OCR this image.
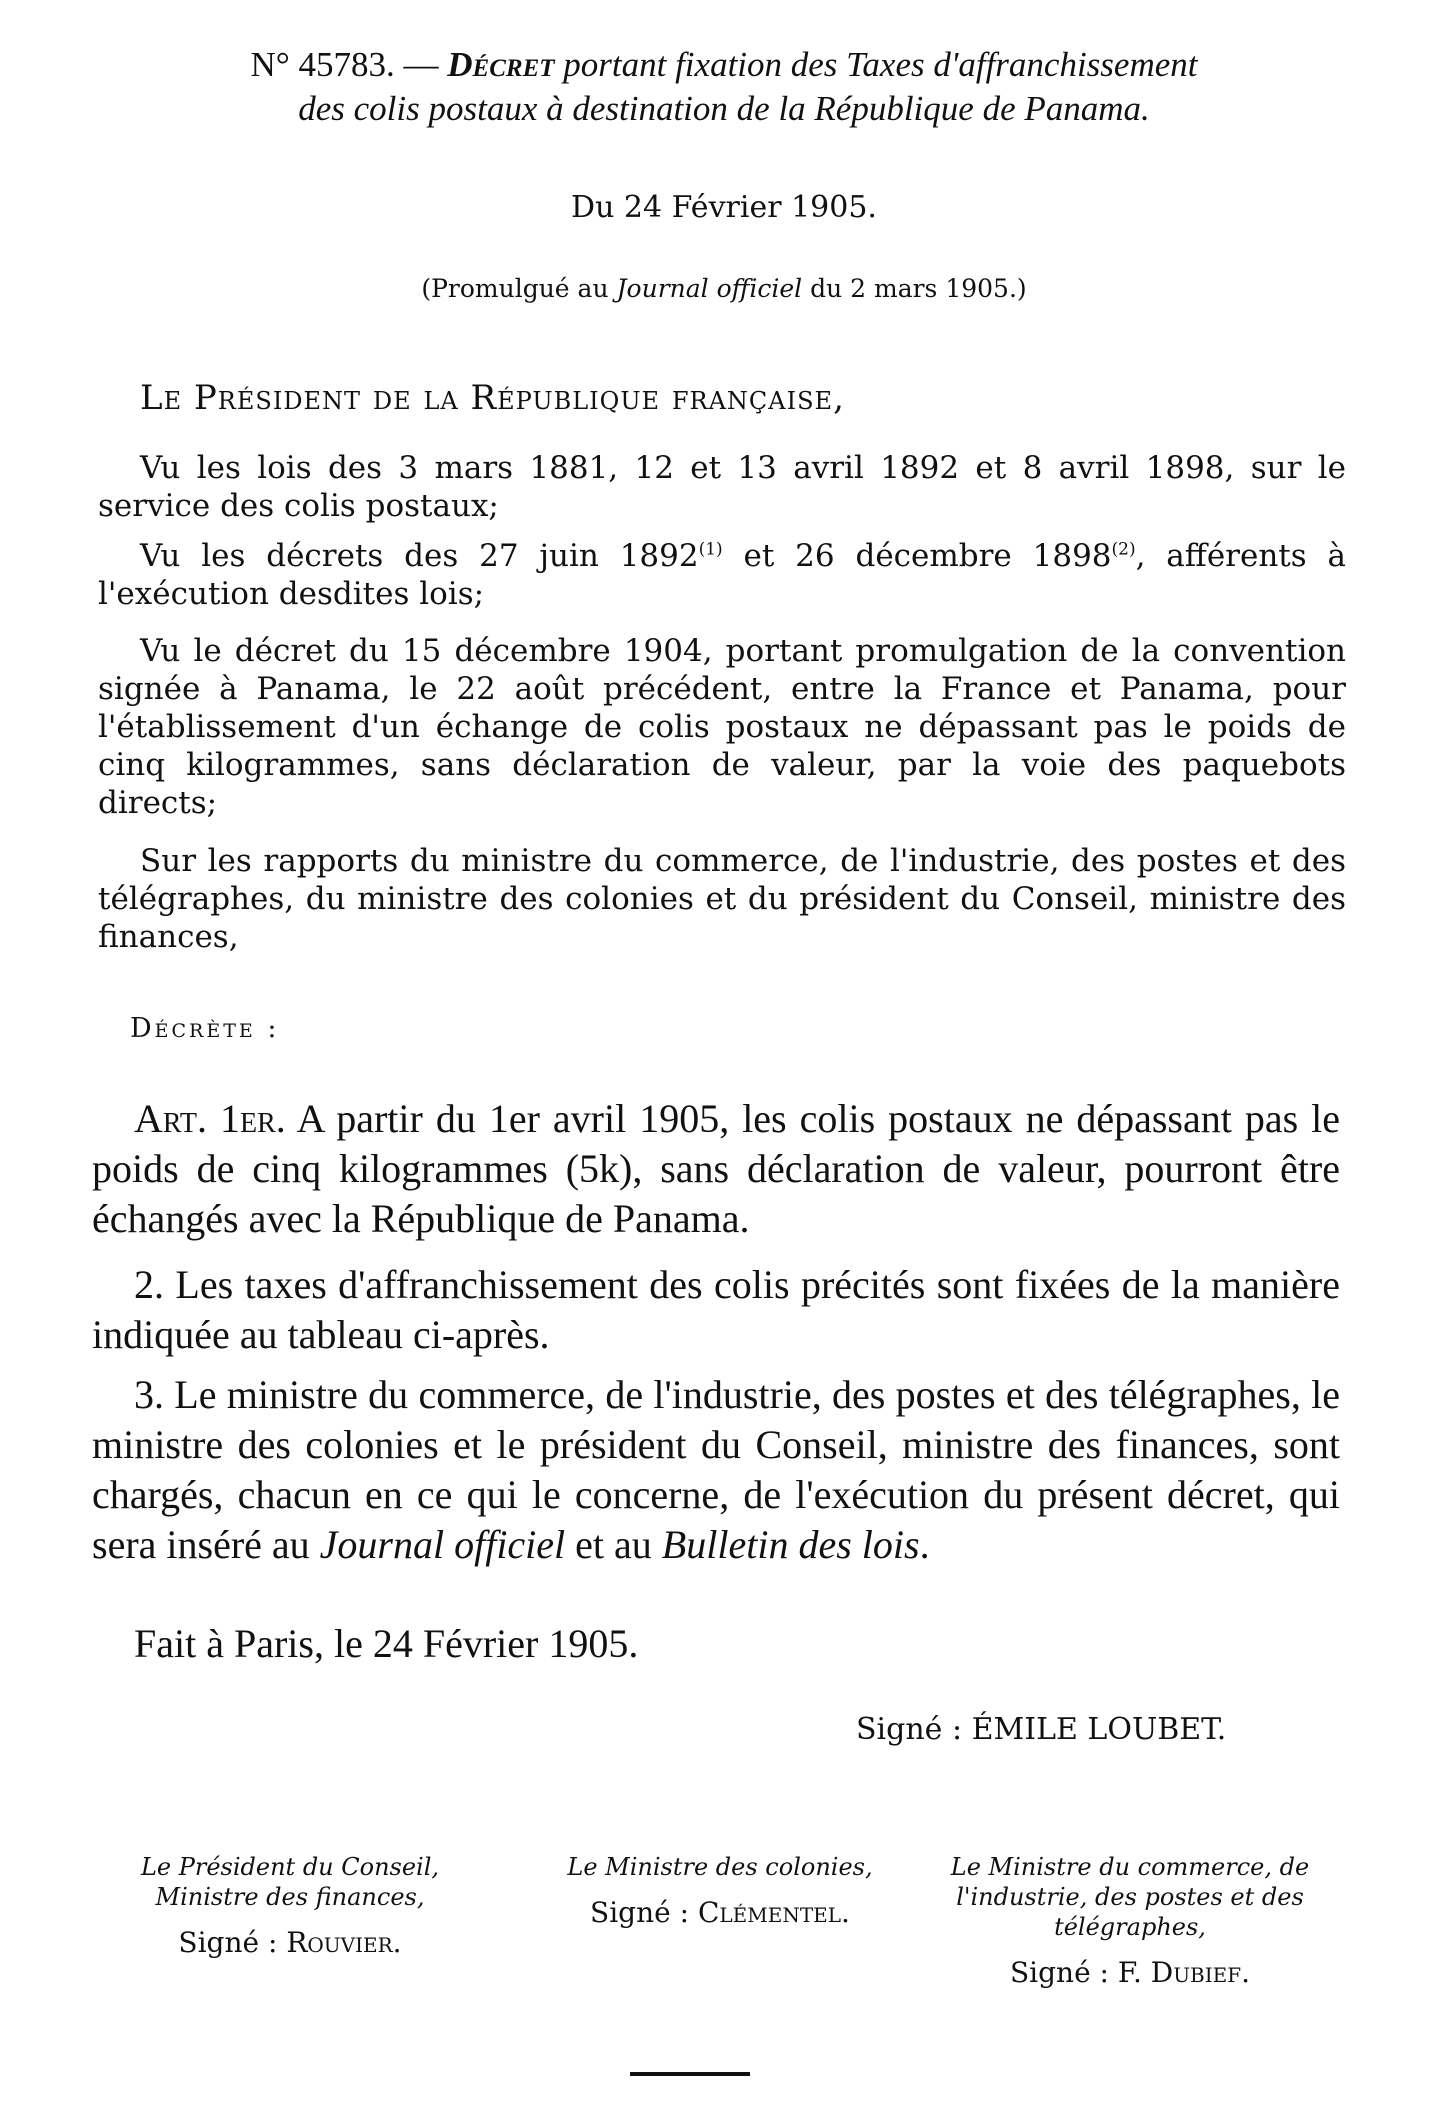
N° 45783. — Décret portant fixation des Taxes d'affranchissement
des colis postaux à destination de la République de Panama.
Du 24 Février 1905.
(Promulgué au Journal officiel du 2 mars 1905.)
Le Président de la République française,
Vu les lois des 3 mars 1881, 12 et 13 avril 1892 et 8 avril 1898, sur le service des colis postaux;
Vu les décrets des 27 juin 1892$^{(1)}$ et 26 décembre 1898$^{(2)}$, afférents à l'exécution desdites lois;
Vu le décret du 15 décembre 1904, portant promulgation de la convention signée à Panama, le 22 août précédent, entre la France et Panama, pour l'établissement d'un échange de colis postaux ne dépassant pas le poids de cinq kilogrammes, sans déclaration de valeur, par la voie des paquebots directs;
Sur les rapports du ministre du commerce, de l'industrie, des postes et des télégraphes, du ministre des colonies et du président du Conseil, ministre des finances,
Décrète :
Art. 1er. A partir du 1er avril 1905, les colis postaux ne dépassant pas le poids de cinq kilogrammes (5k), sans déclaration de valeur, pourront être échangés avec la République de Panama.
2. Les taxes d'affranchissement des colis précités sont fixées de la manière indiquée au tableau ci-après.
3. Le ministre du commerce, de l'industrie, des postes et des télégraphes, le ministre des colonies et le président du Conseil, ministre des finances, sont chargés, chacun en ce qui le concerne, de l'exécution du présent décret, qui sera inséré au Journal officiel et au Bulletin des lois.
Fait à Paris, le 24 Février 1905.
Signé : ÉMILE LOUBET.
Le Président du Conseil, Ministre des finances,
Signé : Rouvier.
Le Ministre des colonies,
Signé : Clémentel.
Le Ministre du commerce, de l'industrie, des postes et des télégraphes,
Signé : F. Dubief.
